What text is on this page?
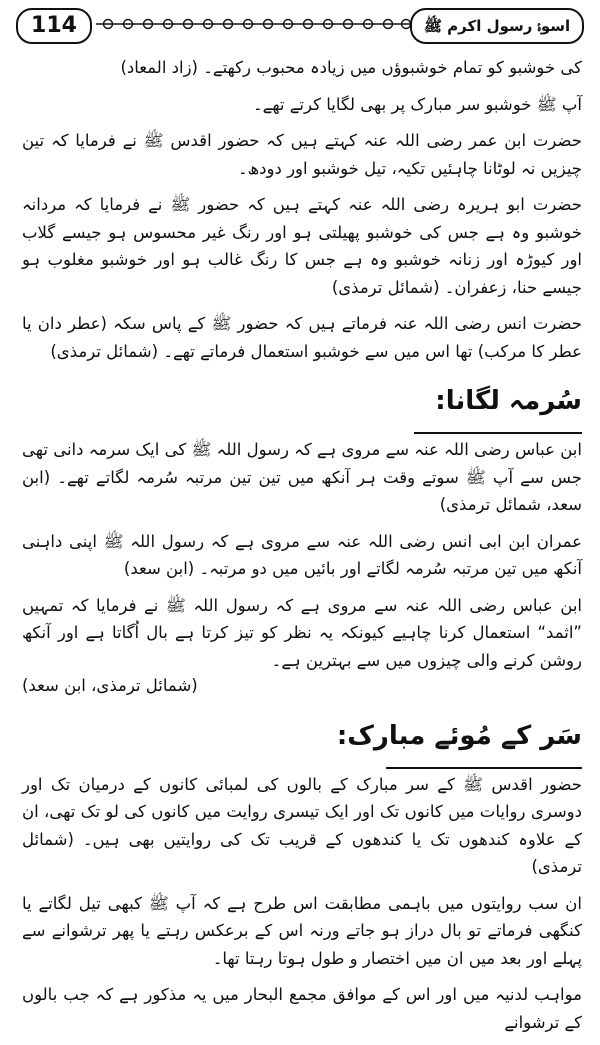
114	اسوۂ رسول اکرم ﷺ

کی خوشبو کو تمام خوشبوؤں میں زیادہ محبوب رکھتے۔ (زاد المعاد)

آپ ﷺ خوشبو سر مبارک پر بھی لگایا کرتے تھے۔

حضرت ابن عمر رضی اللہ عنہ کہتے ہیں کہ حضور اقدس ﷺ نے فرمایا کہ تین چیزیں نہ لوٹانا چاہئیں تکیہ، تیل خوشبو اور دودھ۔

حضرت ابو ہریرہ رضی اللہ عنہ کہتے ہیں کہ حضور ﷺ نے فرمایا کہ مردانہ خوشبو وہ ہے جس کی خوشبو پھیلتی ہو اور رنگ غیر محسوس ہو جیسے گلاب اور کیوڑہ اور زنانہ خوشبو وہ ہے جس کا رنگ غالب ہو اور خوشبو مغلوب ہو جیسے حنا، زعفران۔ (شمائل ترمذی)

حضرت انس رضی اللہ عنہ فرماتے ہیں کہ حضور ﷺ کے پاس سکہ (عطر دان یا عطر کا مرکب) تھا اس میں سے خوشبو استعمال فرماتے تھے۔ (شمائل ترمذی)

سُرمہ لگانا:

ابن عباس رضی اللہ عنہ سے مروی ہے کہ رسول اللہ ﷺ کی ایک سرمہ دانی تھی جس سے آپ ﷺ سوتے وقت ہر آنکھ میں تین تین مرتبہ سُرمہ لگاتے تھے۔ (ابن سعد، شمائل ترمذی)

عمران ابن ابی انس رضی اللہ عنہ سے مروی ہے کہ رسول اللہ ﷺ اپنی داہنی آنکھ میں تین مرتبہ سُرمہ لگاتے اور بائیں میں دو مرتبہ۔ (ابن سعد)

ابن عباس رضی اللہ عنہ سے مروی ہے کہ رسول اللہ ﷺ نے فرمایا کہ تمہیں ”اثمد“ استعمال کرنا چاہیے کیونکہ یہ نظر کو تیز کرتا ہے بال اُگاتا ہے اور آنکھ روشن کرنے والی چیزوں میں سے بہترین ہے۔
(شمائل ترمذی، ابن سعد)

سَر کے مُوئے مبارک:

حضور اقدس ﷺ کے سر مبارک کے بالوں کی لمبائی کانوں کے درمیان تک اور دوسری روایات میں کانوں تک اور ایک تیسری روایت میں کانوں کی لو تک تھی، ان کے علاوہ کندھوں تک یا کندھوں کے قریب تک کی روایتیں بھی ہیں۔ (شمائل ترمذی)

ان سب روایتوں میں باہمی مطابقت اس طرح ہے کہ آپ ﷺ کبھی تیل لگاتے یا کنگھی فرماتے تو بال دراز ہو جاتے ورنہ اس کے برعکس رہتے یا پھر ترشوانے سے پہلے اور بعد میں ان میں اختصار و طول ہوتا رہتا تھا۔

مواہب لدنیہ میں اور اس کے موافق مجمع البحار میں یہ مذکور ہے کہ جب بالوں کے ترشوانے
